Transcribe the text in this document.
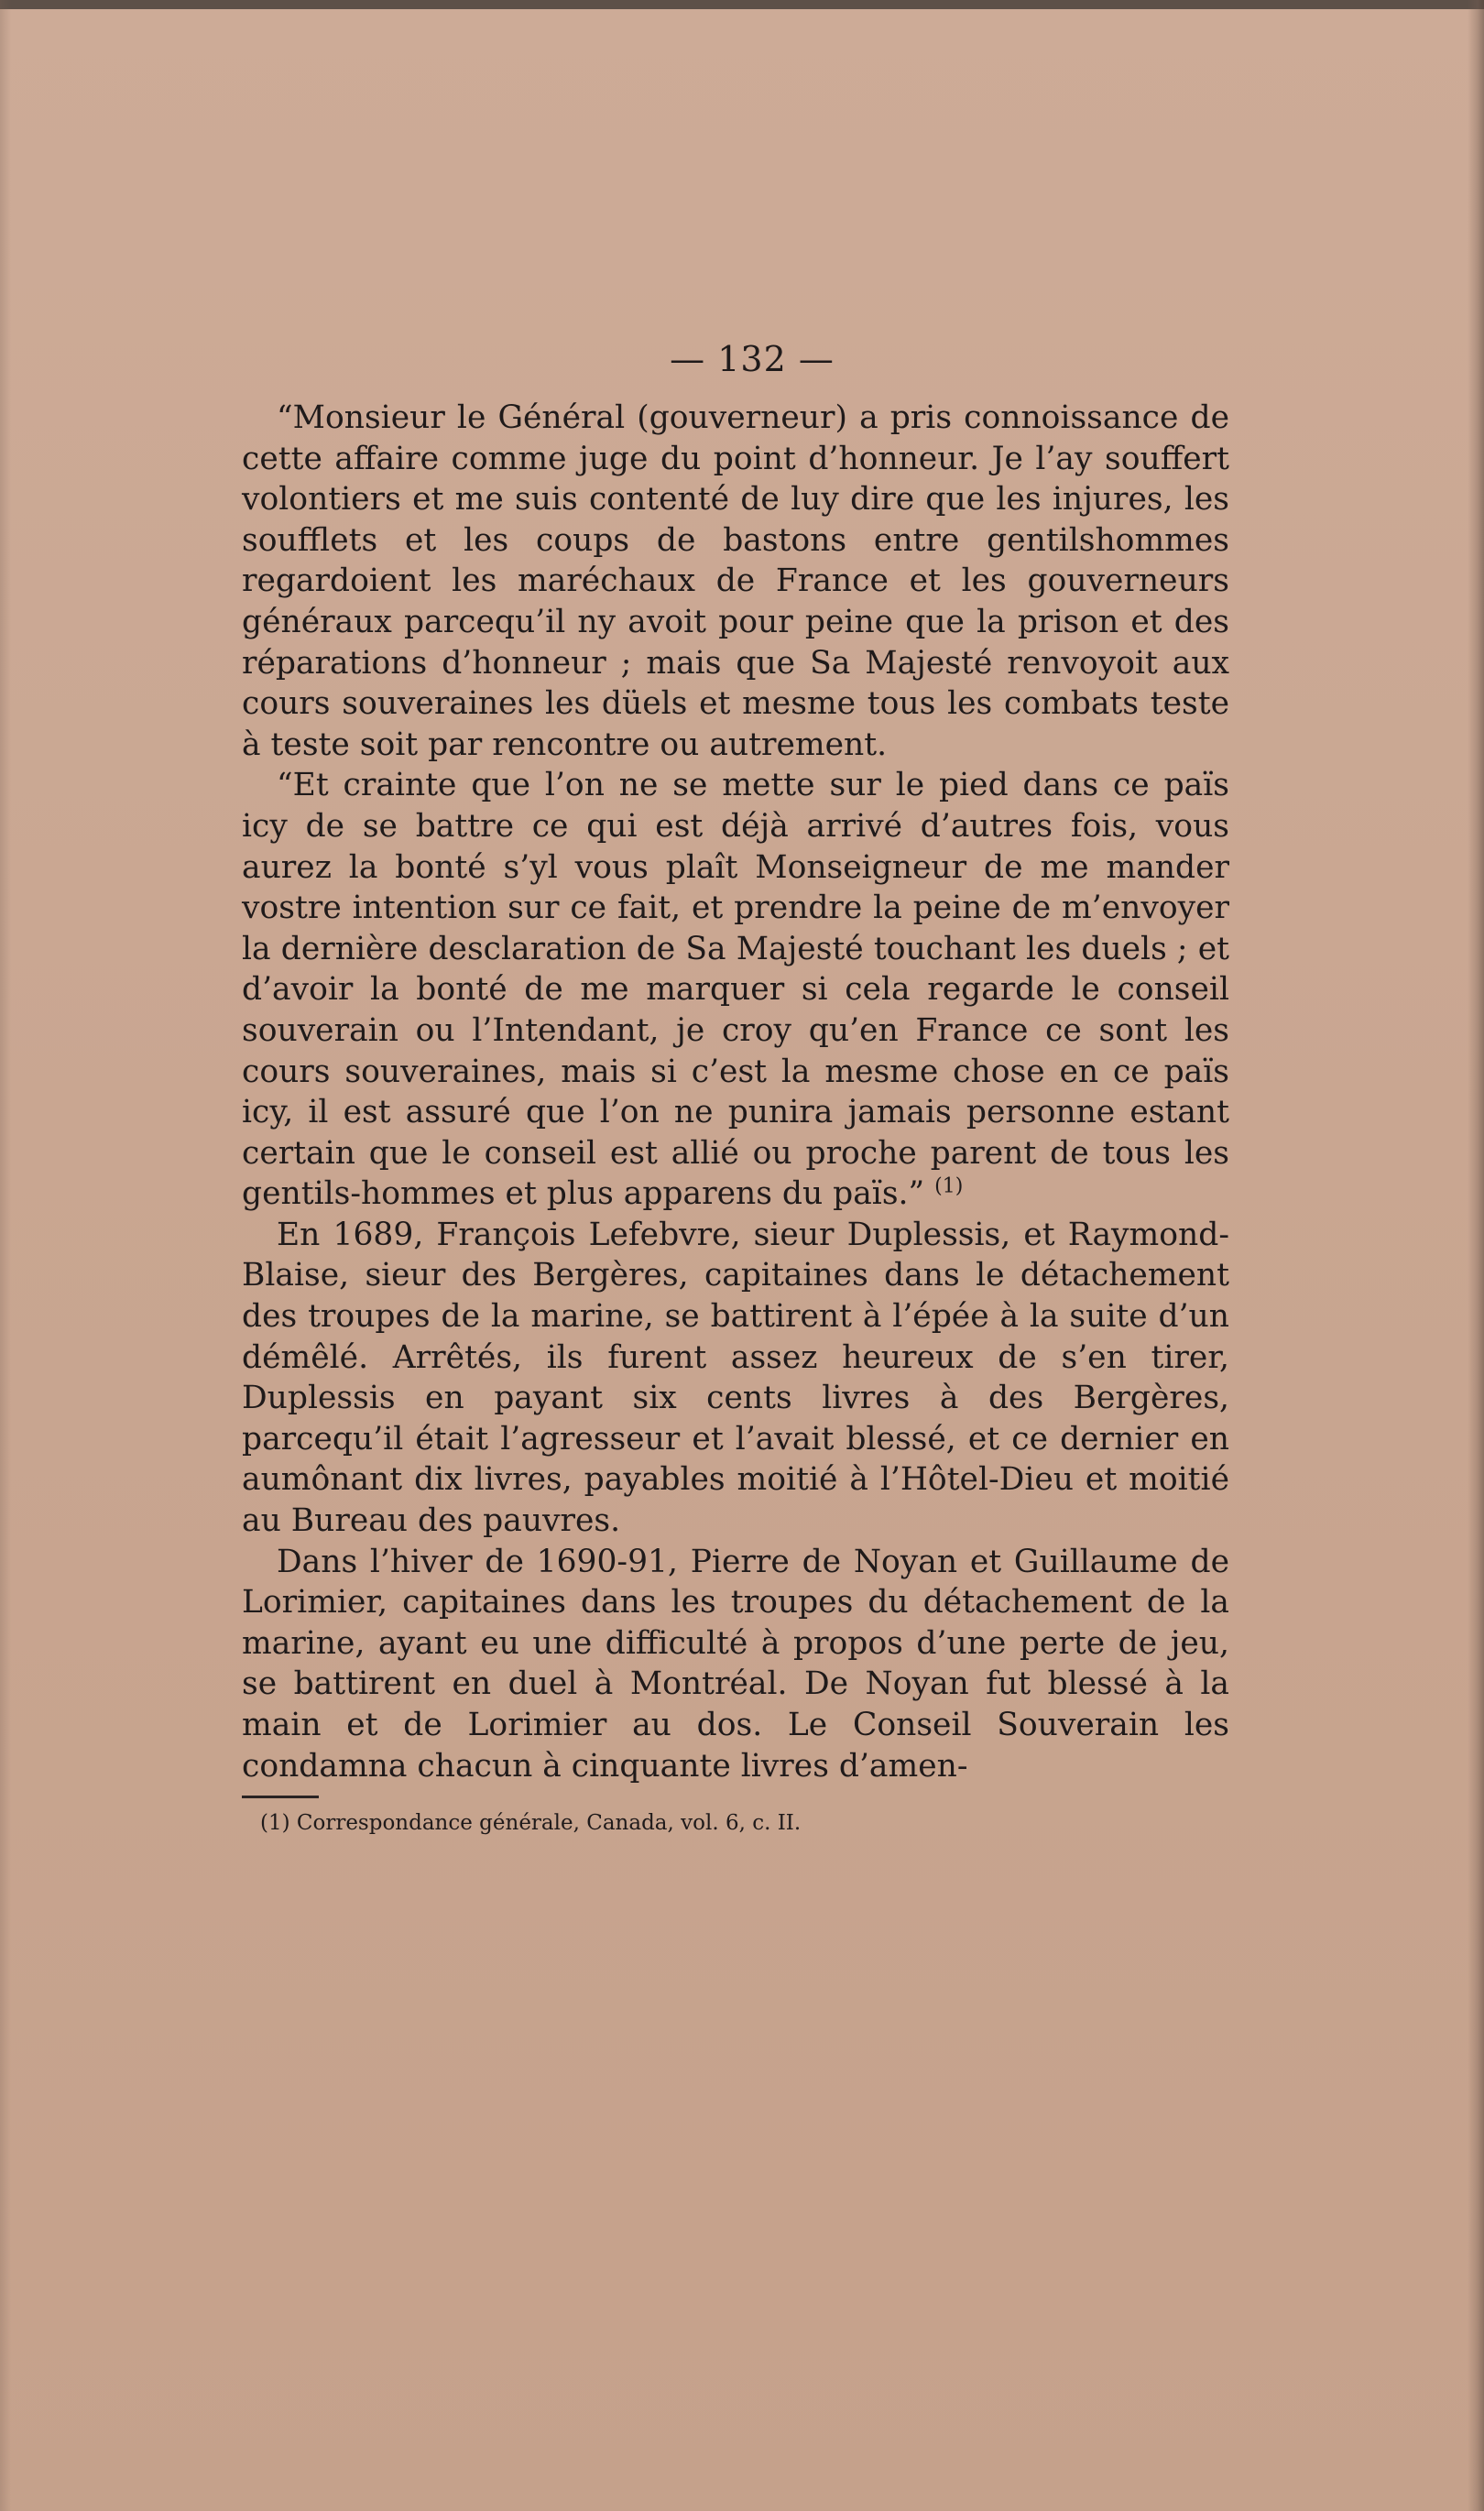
— 132 —

“Monsieur le Général (gouverneur) a pris connoissance de cette affaire comme juge du point d’honneur. Je l’ay souffert volontiers et me suis contenté de luy dire que les injures, les soufflets et les coups de bastons entre gentilshommes regardoient les maréchaux de France et les gouverneurs généraux parcequ’il ny avoit pour peine que la prison et des réparations d’honneur ; mais que Sa Majesté renvoyoit aux cours souveraines les düels et mesme tous les combats teste à teste soit par rencontre ou autrement.

“Et crainte que l’on ne se mette sur le pied dans ce païs icy de se battre ce qui est déjà arrivé d’autres fois, vous aurez la bonté s’yl vous plaît Monseigneur de me mander vostre intention sur ce fait, et prendre la peine de m’envoyer la dernière desclaration de Sa Majesté touchant les duels ; et d’avoir la bonté de me marquer si cela regarde le conseil souverain ou l’Intendant, je croy qu’en France ce sont les cours souveraines, mais si c’est la mesme chose en ce païs icy, il est assuré que l’on ne punira jamais personne estant certain que le conseil est allié ou proche parent de tous les gentils-hommes et plus apparens du païs.” $^{(1)}$

En 1689, François Lefebvre, sieur Duplessis, et Raymond-Blaise, sieur des Bergères, capitaines dans le détachement des troupes de la marine, se battirent à l’épée à la suite d’un démêlé. Arrêtés, ils furent assez heureux de s’en tirer, Duplessis en payant six cents livres à des Bergères, parcequ’il était l’agresseur et l’avait blessé, et ce dernier en aumônant dix livres, payables moitié à l’Hôtel-Dieu et moitié au Bureau des pauvres.

Dans l’hiver de 1690-91, Pierre de Noyan et Guillaume de Lorimier, capitaines dans les troupes du détachement de la marine, ayant eu une difficulté à propos d’une perte de jeu, se battirent en duel à Montréal. De Noyan fut blessé à la main et de Lorimier au dos. Le Conseil Souverain les condamna chacun à cinquante livres d’amen-

(1) Correspondance générale, Canada, vol. 6, c. II.
